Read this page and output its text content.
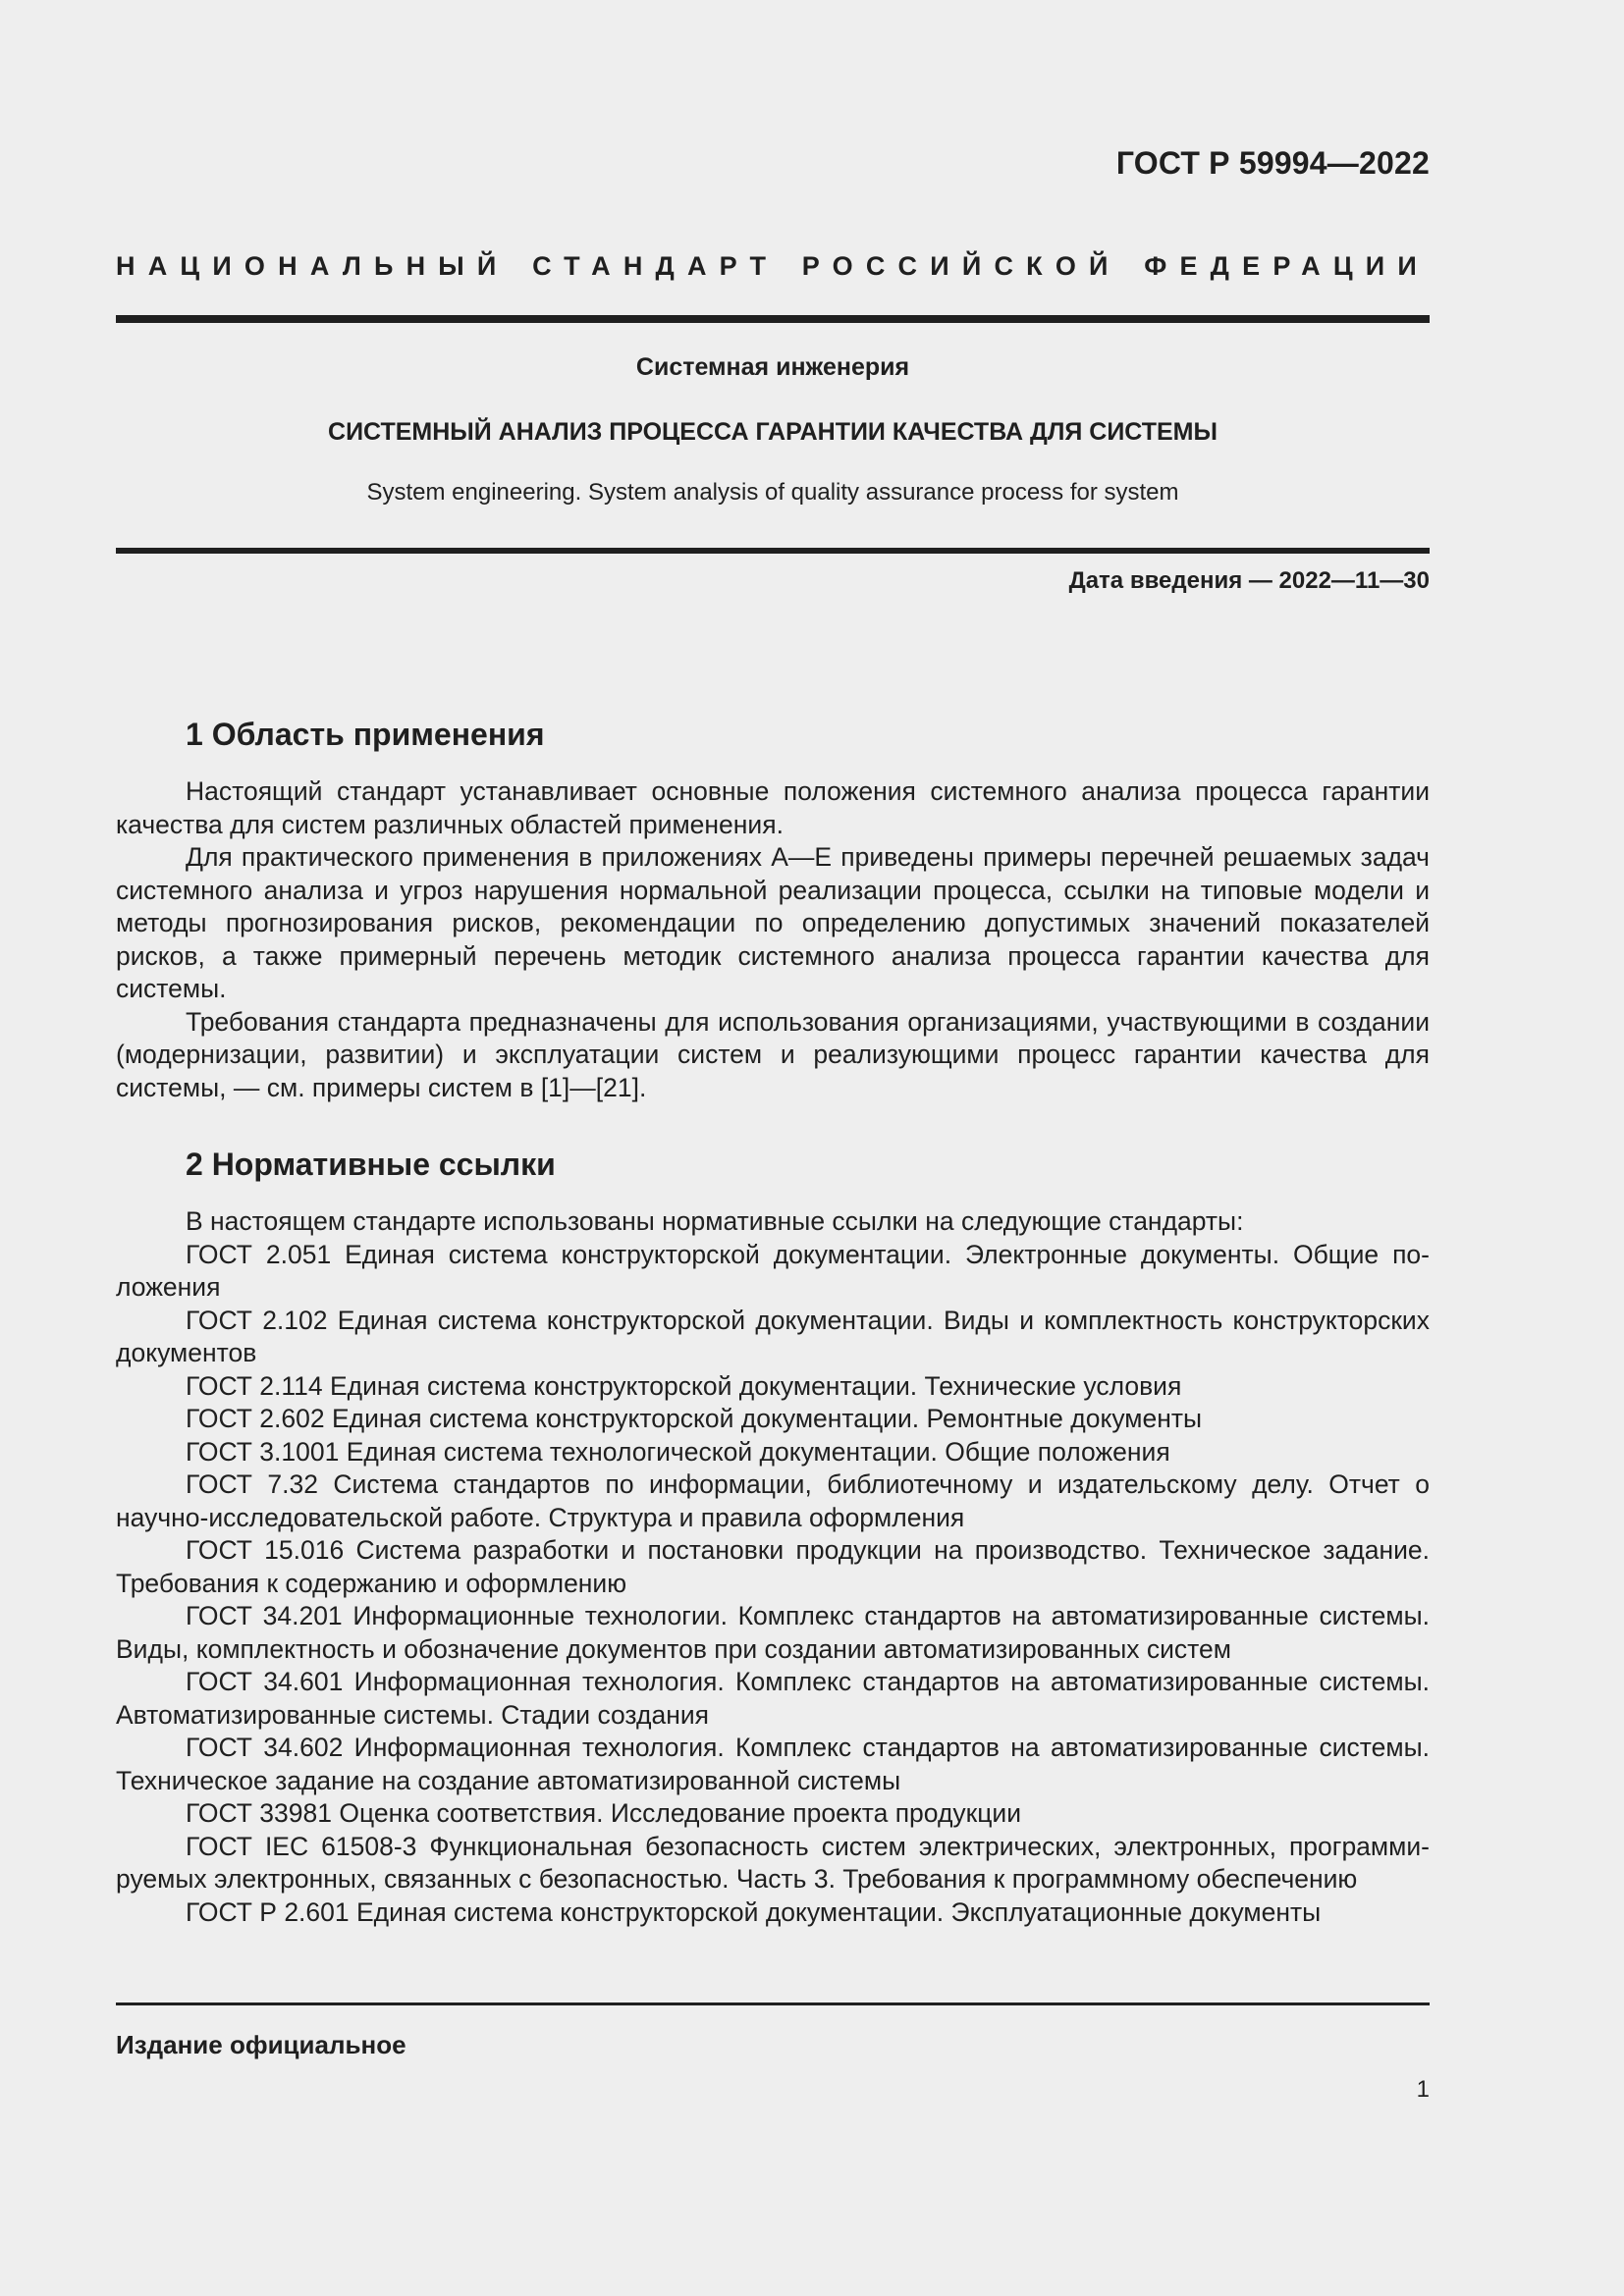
ГОСТ Р 59994—2022
НАЦИОНАЛЬНЫЙ СТАНДАРТ РОССИЙСКОЙ ФЕДЕРАЦИИ
Системная инженерия
СИСТЕМНЫЙ АНАЛИЗ ПРОЦЕССА ГАРАНТИИ КАЧЕСТВА ДЛЯ СИСТЕМЫ
System engineering. System analysis of quality assurance process for system
Дата введения — 2022—11—30
1 Область применения

Настоящий стандарт устанавливает основные положения системного анализа процесса гарантии качества для систем различных областей применения.

Для практического применения в приложениях А—Е приведены примеры перечней решаемых задач системного анализа и угроз нарушения нормальной реализации процесса, ссылки на типовые модели и методы прогнозирования рисков, рекомендации по определению допустимых значений показателей рисков, а также примерный перечень методик системного анализа процесса гарантии качества для системы.

Требования стандарта предназначены для использования организациями, участвующими в создании (модернизации, развитии) и эксплуатации систем и реализующими процесс гарантии качества для системы, — см. примеры систем в [1]—[21].

2 Нормативные ссылки

В настоящем стандарте использованы нормативные ссылки на следующие стандарты:

ГОСТ 2.051 Единая система конструкторской документации. Электронные документы. Общие положения

ГОСТ 2.102 Единая система конструкторской документации. Виды и комплектность конструкторских документов

ГОСТ 2.114 Единая система конструкторской документации. Технические условия

ГОСТ 2.602 Единая система конструкторской документации. Ремонтные документы

ГОСТ 3.1001 Единая система технологической документации. Общие положения

ГОСТ 7.32 Система стандартов по информации, библиотечному и издательскому делу. Отчет о научно-исследовательской работе. Структура и правила оформления

ГОСТ 15.016 Система разработки и постановки продукции на производство. Техническое задание. Требования к содержанию и оформлению

ГОСТ 34.201 Информационные технологии. Комплекс стандартов на автоматизированные системы. Виды, комплектность и обозначение документов при создании автоматизированных систем

ГОСТ 34.601 Информационная технология. Комплекс стандартов на автоматизированные системы. Автоматизированные системы. Стадии создания

ГОСТ 34.602 Информационная технология. Комплекс стандартов на автоматизированные системы. Техническое задание на создание автоматизированной системы

ГОСТ 33981 Оценка соответствия. Исследование проекта продукции

ГОСТ IEC 61508-3 Функциональная безопасность систем электрических, электронных, программируемых электронных, связанных с безопасностью. Часть 3. Требования к программному обеспечению

ГОСТ Р 2.601 Единая система конструкторской документации. Эксплуатационные документы

Издание официальное
1
